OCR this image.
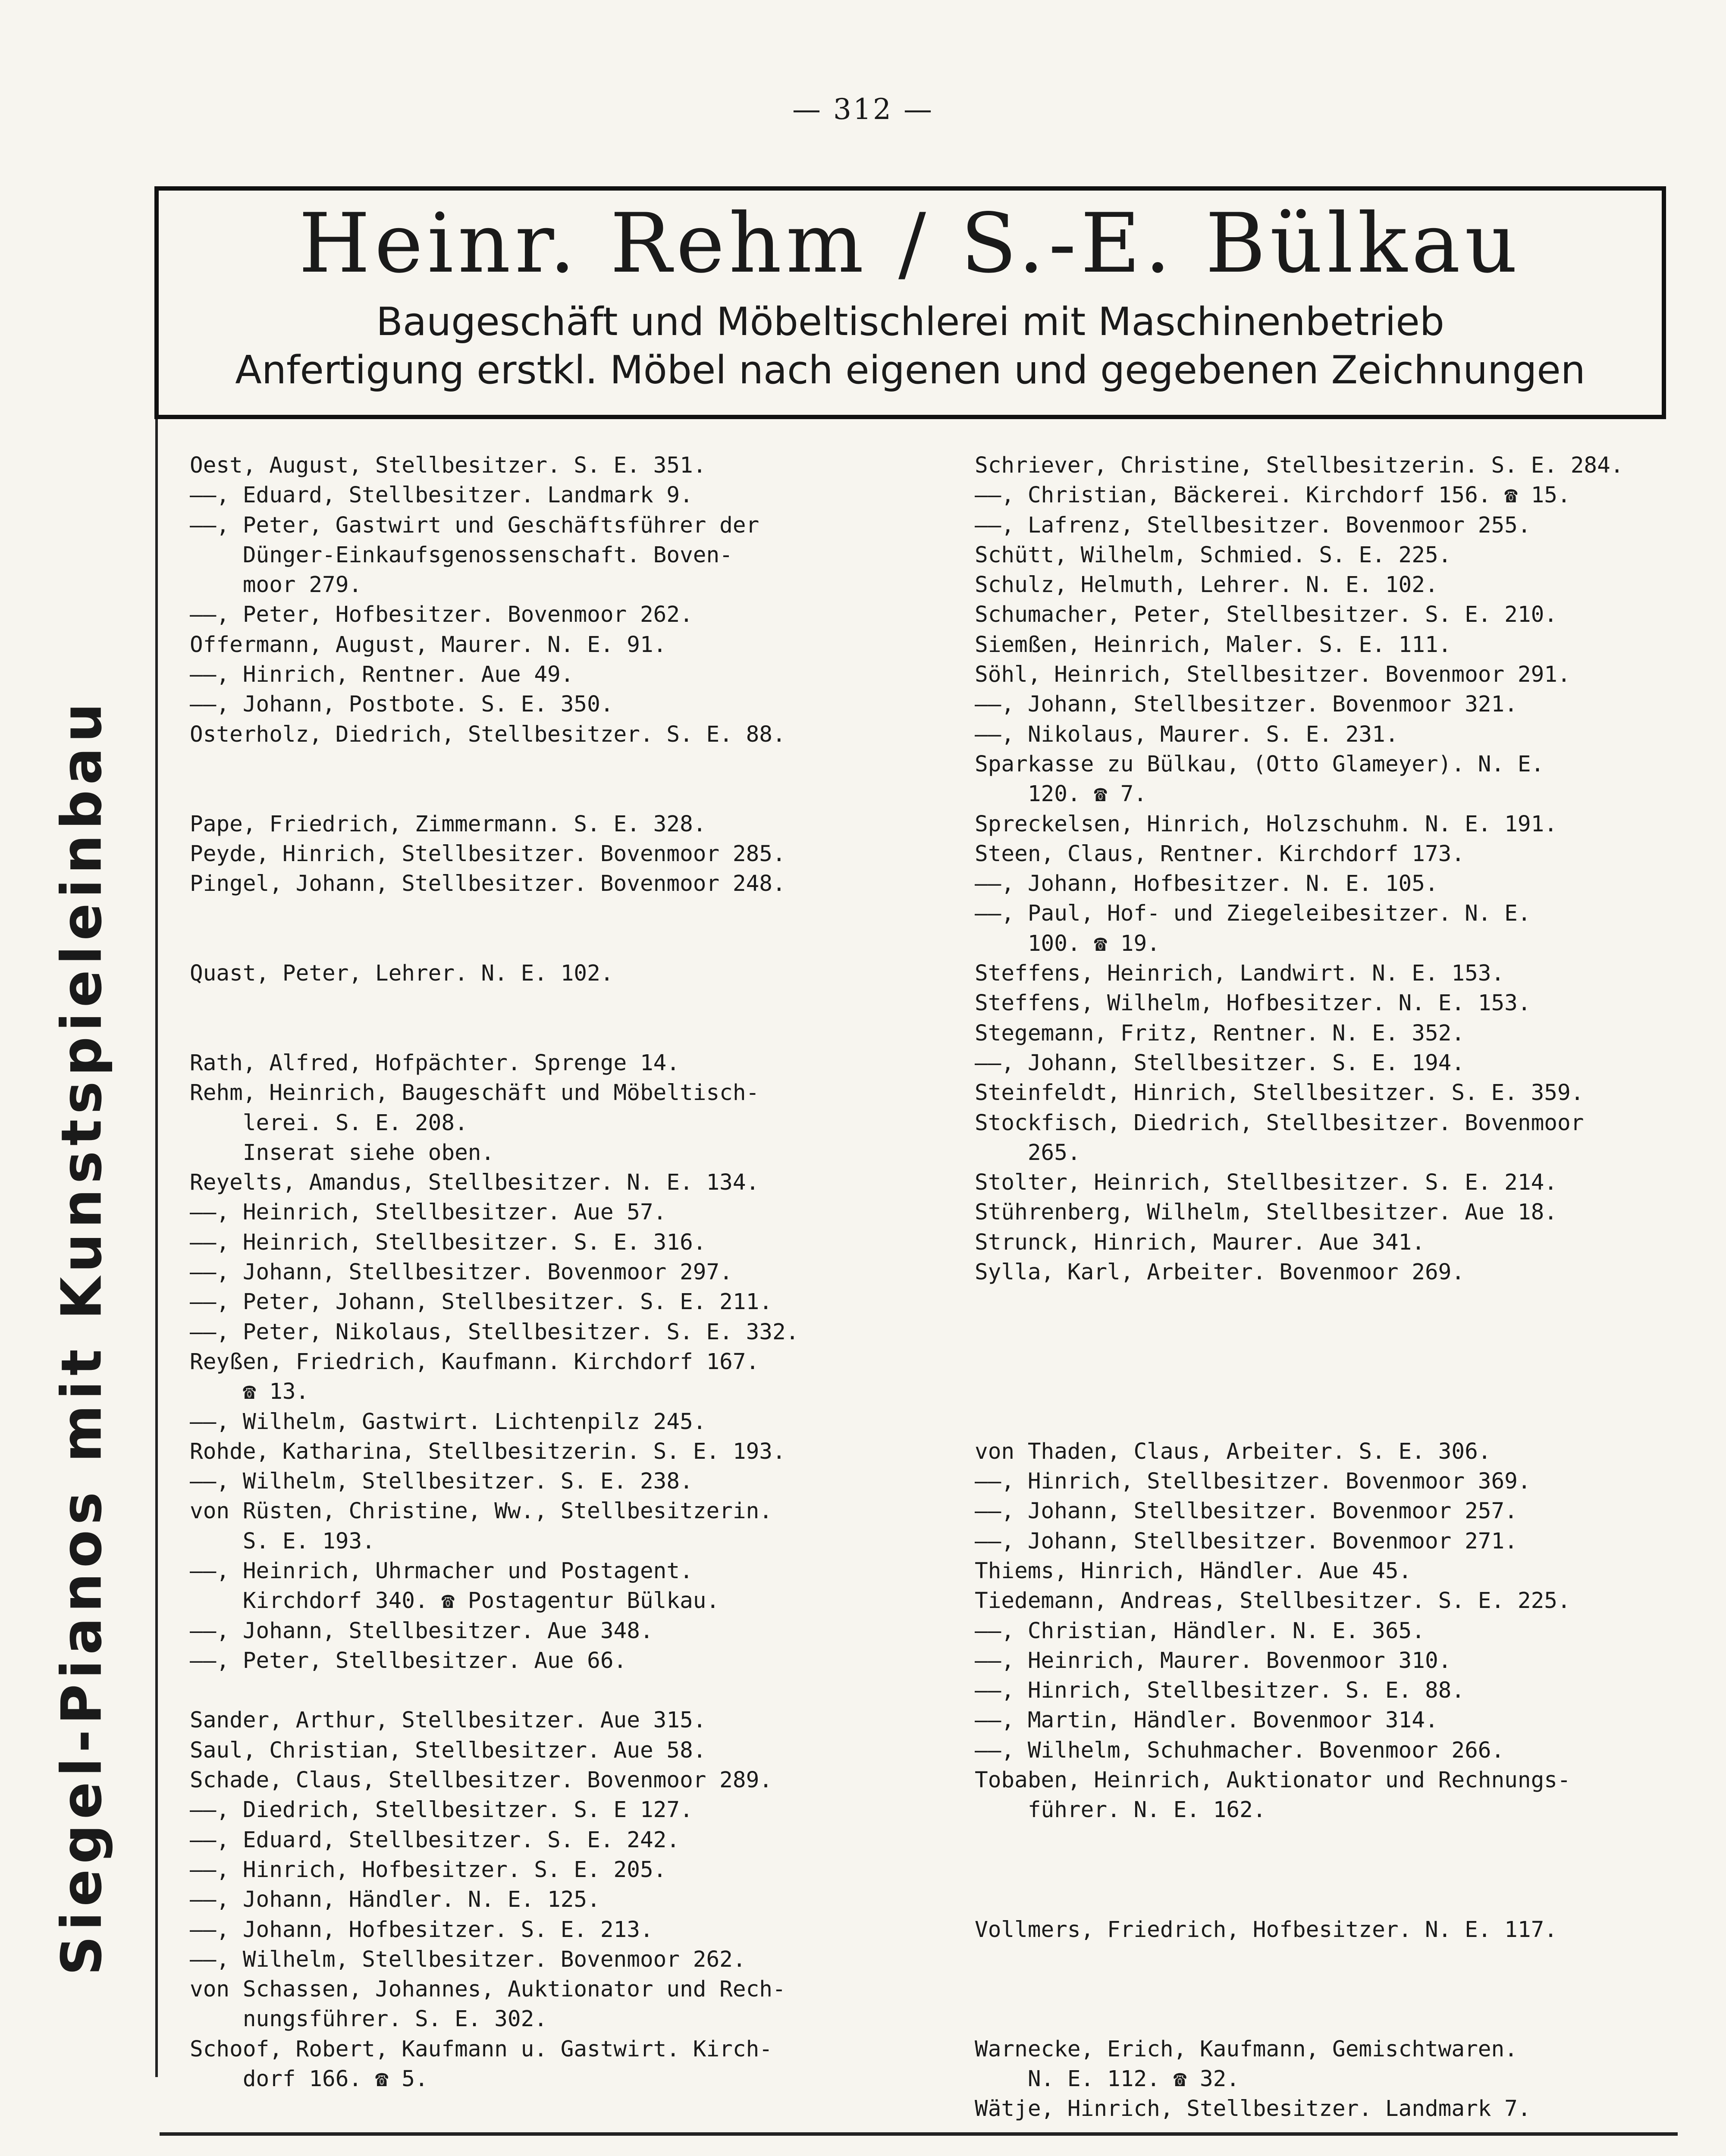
— 312 —
Heinr. Rehm / S.-E. Bülkau
Baugeschäft und Möbeltischlerei mit Maschinenbetrieb
Anfertigung erstkl. Möbel nach eigenen und gegebenen Zeichnungen
Siegel-Pianos mit Kunstspieleinbau
Oest, August, Stellbesitzer. S. E. 351.
——, Eduard, Stellbesitzer. Landmark 9.
——, Peter, Gastwirt und Geschäftsführer der
Dünger-Einkaufsgenossenschaft. Boven-
moor 279.
——, Peter, Hofbesitzer. Bovenmoor 262.
Offermann, August, Maurer. N. E. 91.
——, Hinrich, Rentner. Aue 49.
——, Johann, Postbote. S. E. 350.
Osterholz, Diedrich, Stellbesitzer. S. E. 88.
Pape, Friedrich, Zimmermann. S. E. 328.
Peyde, Hinrich, Stellbesitzer. Bovenmoor 285.
Pingel, Johann, Stellbesitzer. Bovenmoor 248.
Quast, Peter, Lehrer. N. E. 102.
Rath, Alfred, Hofpächter. Sprenge 14.
Rehm, Heinrich, Baugeschäft und Möbeltisch-
lerei. S. E. 208.
Inserat siehe oben.
Reyelts, Amandus, Stellbesitzer. N. E. 134.
——, Heinrich, Stellbesitzer. Aue 57.
——, Heinrich, Stellbesitzer. S. E. 316.
——, Johann, Stellbesitzer. Bovenmoor 297.
——, Peter, Johann, Stellbesitzer. S. E. 211.
——, Peter, Nikolaus, Stellbesitzer. S. E. 332.
Reyßen, Friedrich, Kaufmann. Kirchdorf 167.
☎ 13.
——, Wilhelm, Gastwirt. Lichtenpilz 245.
Rohde, Katharina, Stellbesitzerin. S. E. 193.
——, Wilhelm, Stellbesitzer. S. E. 238.
von Rüsten, Christine, Ww., Stellbesitzerin.
S. E. 193.
——, Heinrich, Uhrmacher und Postagent.
Kirchdorf 340. ☎ Postagentur Bülkau.
——, Johann, Stellbesitzer. Aue 348.
——, Peter, Stellbesitzer. Aue 66.
Sander, Arthur, Stellbesitzer. Aue 315.
Saul, Christian, Stellbesitzer. Aue 58.
Schade, Claus, Stellbesitzer. Bovenmoor 289.
——, Diedrich, Stellbesitzer. S. E 127.
——, Eduard, Stellbesitzer. S. E. 242.
——, Hinrich, Hofbesitzer. S. E. 205.
——, Johann, Händler. N. E. 125.
——, Johann, Hofbesitzer. S. E. 213.
——, Wilhelm, Stellbesitzer. Bovenmoor 262.
von Schassen, Johannes, Auktionator und Rech-
nungsführer. S. E. 302.
Schoof, Robert, Kaufmann u. Gastwirt. Kirch-
dorf 166. ☎ 5.
Schriever, Christine, Stellbesitzerin. S. E. 284.
——, Christian, Bäckerei. Kirchdorf 156. ☎ 15.
——, Lafrenz, Stellbesitzer. Bovenmoor 255.
Schütt, Wilhelm, Schmied. S. E. 225.
Schulz, Helmuth, Lehrer. N. E. 102.
Schumacher, Peter, Stellbesitzer. S. E. 210.
Siemßen, Heinrich, Maler. S. E. 111.
Söhl, Heinrich, Stellbesitzer. Bovenmoor 291.
——, Johann, Stellbesitzer. Bovenmoor 321.
——, Nikolaus, Maurer. S. E. 231.
Sparkasse zu Bülkau, (Otto Glameyer). N. E.
120. ☎ 7.
Spreckelsen, Hinrich, Holzschuhm. N. E. 191.
Steen, Claus, Rentner. Kirchdorf 173.
——, Johann, Hofbesitzer. N. E. 105.
——, Paul, Hof- und Ziegeleibesitzer. N. E.
100. ☎ 19.
Steffens, Heinrich, Landwirt. N. E. 153.
Steffens, Wilhelm, Hofbesitzer. N. E. 153.
Stegemann, Fritz, Rentner. N. E. 352.
——, Johann, Stellbesitzer. S. E. 194.
Steinfeldt, Hinrich, Stellbesitzer. S. E. 359.
Stockfisch, Diedrich, Stellbesitzer. Bovenmoor
265.
Stolter, Heinrich, Stellbesitzer. S. E. 214.
Stührenberg, Wilhelm, Stellbesitzer. Aue 18.
Strunck, Hinrich, Maurer. Aue 341.
Sylla, Karl, Arbeiter. Bovenmoor 269.
von Thaden, Claus, Arbeiter. S. E. 306.
——, Hinrich, Stellbesitzer. Bovenmoor 369.
——, Johann, Stellbesitzer. Bovenmoor 257.
——, Johann, Stellbesitzer. Bovenmoor 271.
Thiems, Hinrich, Händler. Aue 45.
Tiedemann, Andreas, Stellbesitzer. S. E. 225.
——, Christian, Händler. N. E. 365.
——, Heinrich, Maurer. Bovenmoor 310.
——, Hinrich, Stellbesitzer. S. E. 88.
——, Martin, Händler. Bovenmoor 314.
——, Wilhelm, Schuhmacher. Bovenmoor 266.
Tobaben, Heinrich, Auktionator und Rechnungs-
führer. N. E. 162.
Vollmers, Friedrich, Hofbesitzer. N. E. 117.
Warnecke, Erich, Kaufmann, Gemischtwaren.
N. E. 112. ☎ 32.
Wätje, Hinrich, Stellbesitzer. Landmark 7.
